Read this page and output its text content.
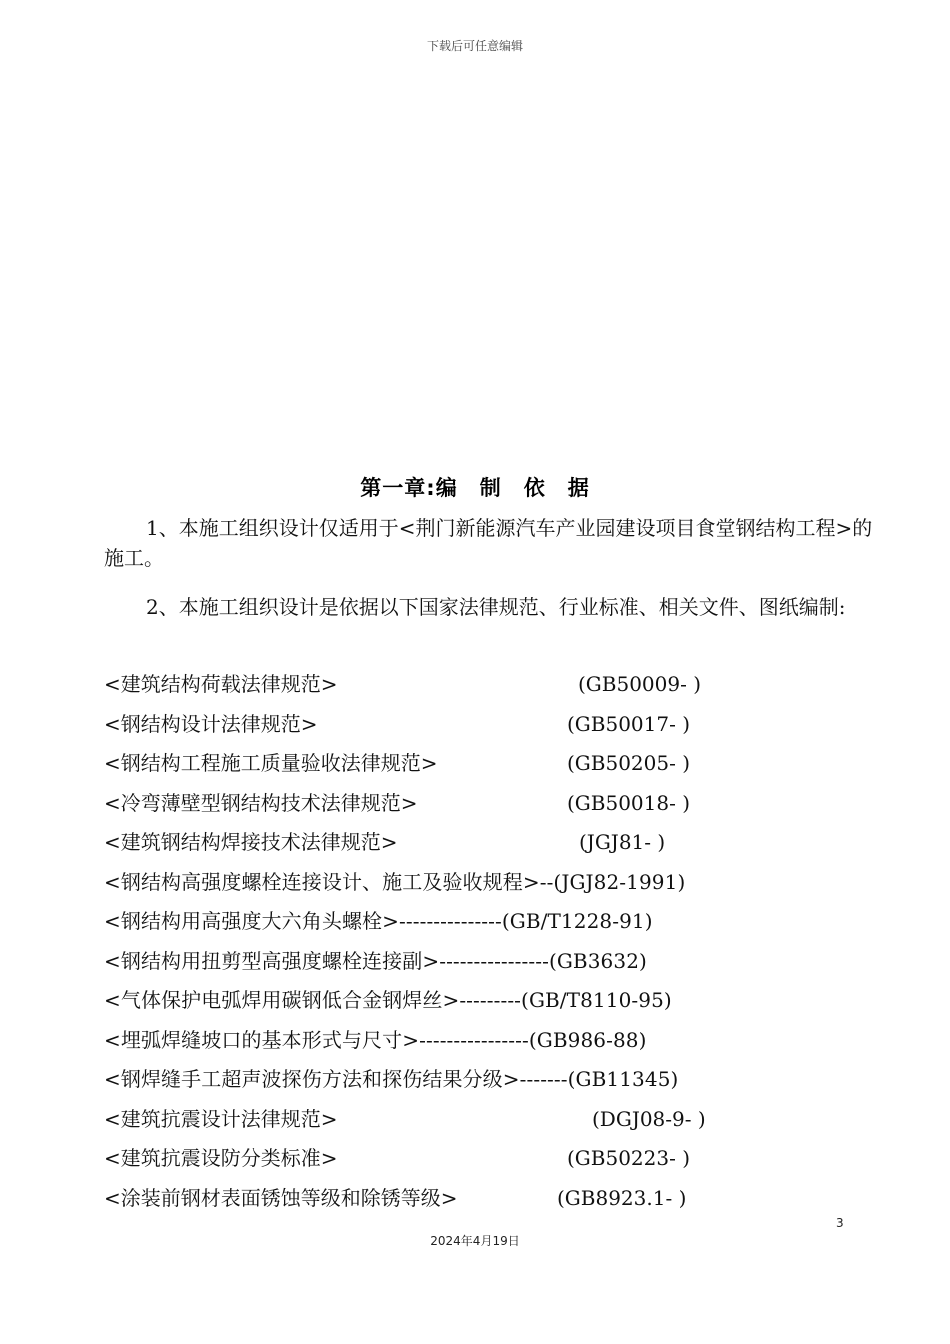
下载后可任意编辑
第一章:编　制　依　据
1、本施工组织设计仅适用于<荆门新能源汽车产业园建设项目食堂钢结构工程>的施工。
2、本施工组织设计是依据以下国家法律规范、行业标准、相关文件、图纸编制:
<建筑结构荷载法律规范>	(GB50009- )
<钢结构设计法律规范>	(GB50017- )
<钢结构工程施工质量验收法律规范>	(GB50205- )
<冷弯薄壁型钢结构技术法律规范>	(GB50018- )
<建筑钢结构焊接技术法律规范>	(JGJ81- )
<钢结构高强度螺栓连接设计、施工及验收规程>--(JGJ82-1991)
<钢结构用高强度大六角头螺栓>---------------(GB/T1228-91)
<钢结构用扭剪型高强度螺栓连接副>----------------(GB3632)
<气体保护电弧焊用碳钢低合金钢焊丝>---------(GB/T8110-95)
<埋弧焊缝坡口的基本形式与尺寸>----------------(GB986-88)
<钢焊缝手工超声波探伤方法和探伤结果分级>-------(GB11345)
<建筑抗震设计法律规范>	(DGJ08-9- )
<建筑抗震设防分类标准>	(GB50223- )
<涂装前钢材表面锈蚀等级和除锈等级>	(GB8923.1- )
3
2024年4月19日
